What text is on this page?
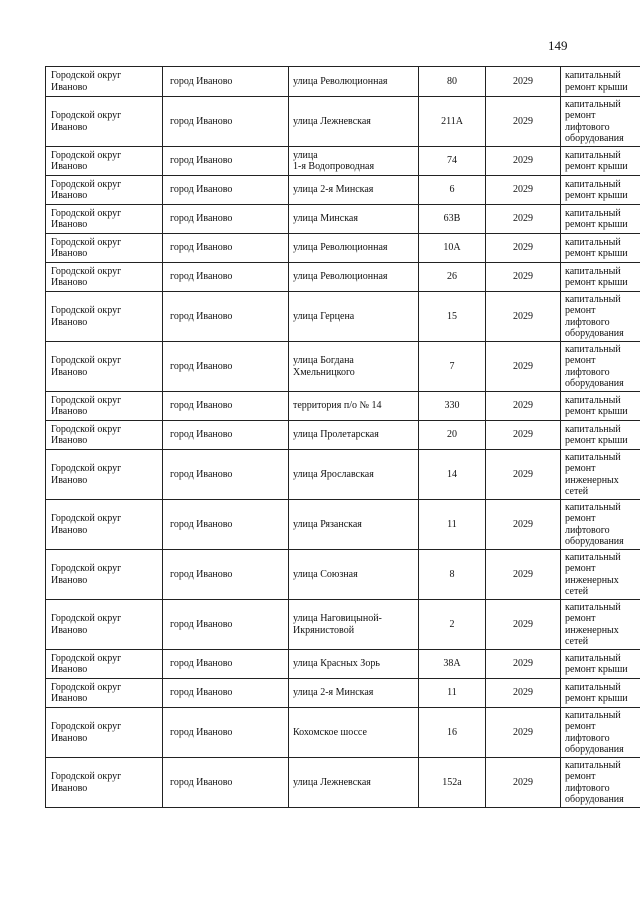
149
Городской округ
Иваново	город Иваново	улица Революционная	80	2029	капитальный
ремонт крыши

Городской округ
Иваново	город Иваново	улица Лежневская	211А	2029	капитальный
ремонт
лифтового
оборудования

Городской округ
Иваново	город Иваново	улица
1-я Водопроводная	74	2029	капитальный
ремонт крыши

Городской округ
Иваново	город Иваново	улица 2-я Минская	6	2029	капитальный
ремонт крыши

Городской округ
Иваново	город Иваново	улица Минская	63В	2029	капитальный
ремонт крыши

Городской округ
Иваново	город Иваново	улица Революционная	10А	2029	капитальный
ремонт крыши

Городской округ
Иваново	город Иваново	улица Революционная	26	2029	капитальный
ремонт крыши

Городской округ
Иваново	город Иваново	улица Герцена	15	2029	капитальный
ремонт
лифтового
оборудования

Городской округ
Иваново	город Иваново	улица Богдана
Хмельницкого	7	2029	капитальный
ремонт
лифтового
оборудования

Городской округ
Иваново	город Иваново	территория п/о № 14	330	2029	капитальный
ремонт крыши

Городской округ
Иваново	город Иваново	улица Пролетарская	20	2029	капитальный
ремонт крыши

Городской округ
Иваново	город Иваново	улица Ярославская	14	2029	капитальный
ремонт
инженерных
сетей

Городской округ
Иваново	город Иваново	улица Рязанская	11	2029	капитальный
ремонт
лифтового
оборудования

Городской округ
Иваново	город Иваново	улица Союзная	8	2029	капитальный
ремонт
инженерных
сетей

Городской округ
Иваново	город Иваново	улица Наговицыной-
Икрянистовой	2	2029	капитальный
ремонт
инженерных
сетей

Городской округ
Иваново	город Иваново	улица Красных Зорь	38А	2029	капитальный
ремонт крыши

Городской округ
Иваново	город Иваново	улица 2-я Минская	11	2029	капитальный
ремонт крыши

Городской округ
Иваново	город Иваново	Кохомское шоссе	16	2029	капитальный
ремонт
лифтового
оборудования

Городской округ
Иваново	город Иваново	улица Лежневская	152а	2029	капитальный
ремонт
лифтового
оборудования
